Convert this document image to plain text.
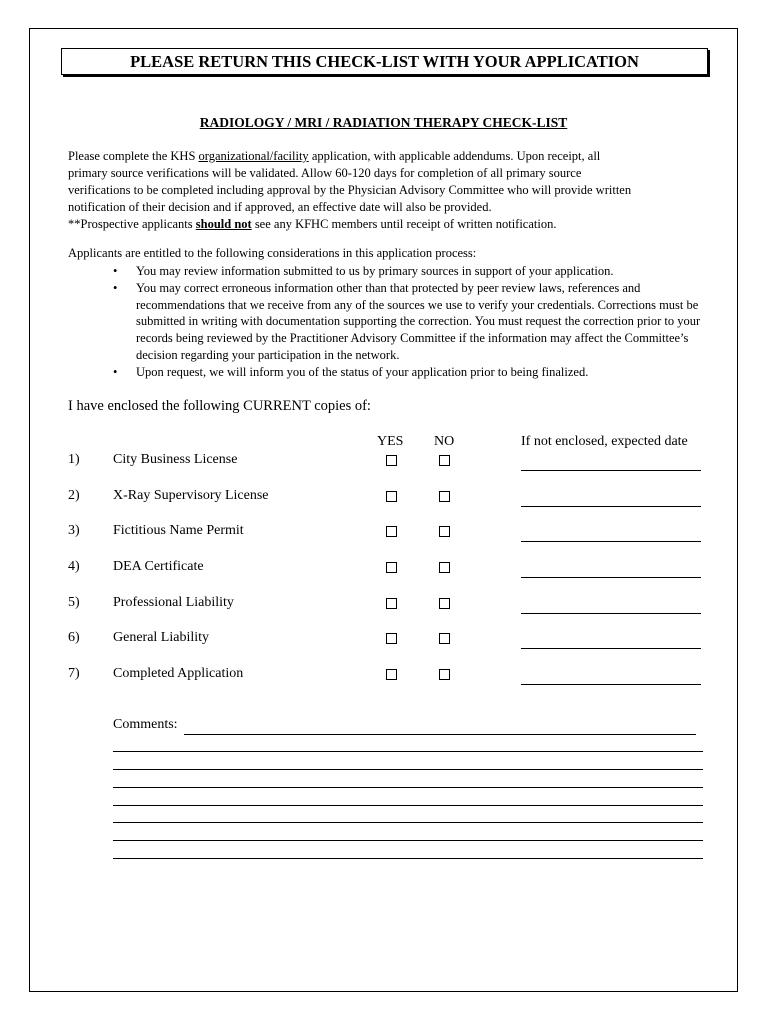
PLEASE RETURN THIS CHECK-LIST WITH YOUR APPLICATION
RADIOLOGY / MRI / RADIATION THERAPY CHECK-LIST
Please complete the KHS organizational/facility application, with applicable addendums. Upon receipt, all
primary source verifications will be validated. Allow 60-120 days for completion of all primary source
verifications to be completed including approval by the Physician Advisory Committee who will provide written
notification of their decision and if approved, an effective date will also be provided.
**Prospective applicants should not see any KFHC members until receipt of written notification.
Applicants are entitled to the following considerations in this application process:
• You may review information submitted to us by primary sources in support of your application.
• You may correct erroneous information other than that protected by peer review laws, references and recommendations that we receive from any of the sources we use to verify your credentials. Corrections must be submitted in writing with documentation supporting the correction. You must request the correction prior to your records being reviewed by the Practitioner Advisory Committee if the information may affect the Committee’s decision regarding your participation in the network.
• Upon request, we will inform you of the status of your application prior to being finalized.
I have enclosed the following CURRENT copies of:
YES NO	If not enclosed, expected date
1) City Business License
2) X-Ray Supervisory License
3) Fictitious Name Permit
4) DEA Certificate
5) Professional Liability
6) General Liability
7) Completed Application
Comments:
